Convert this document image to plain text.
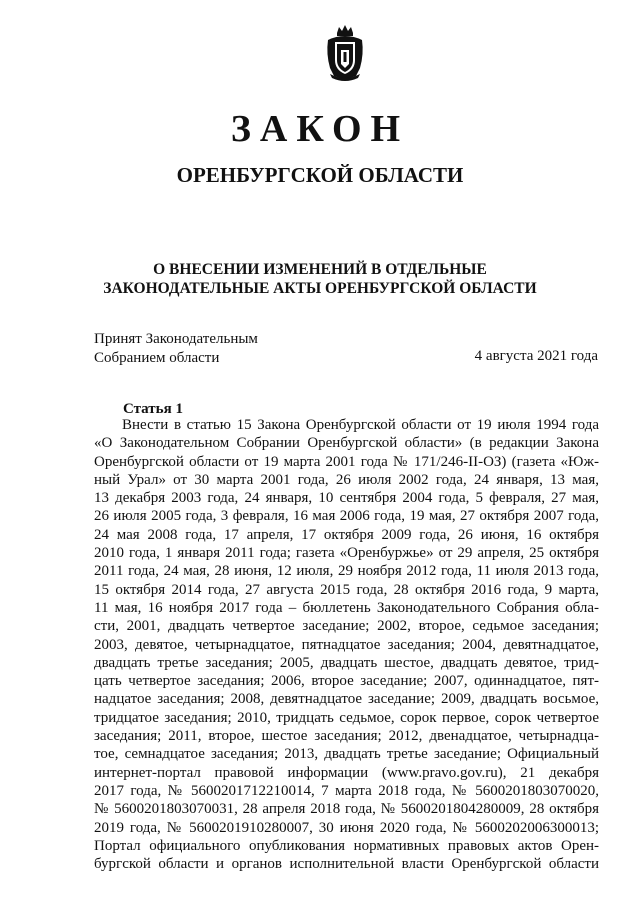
ЗАКОН
ОРЕНБУРГСКОЙ ОБЛАСТИ
О ВНЕСЕНИИ ИЗМЕНЕНИЙ В ОТДЕЛЬНЫЕ
ЗАКОНОДАТЕЛЬНЫЕ АКТЫ ОРЕНБУРГСКОЙ ОБЛАСТИ
Принят Законодательным
Собранием области	4 августа 2021 года
Статья 1
Внести в статью 15 Закона Оренбургской области от 19 июля 1994 года
«О Законодательном Собрании Оренбургской области» (в редакции Закона
Оренбургской области от 19 марта 2001 года № 171/246-II-ОЗ) (газета «Юж-
ный Урал» от 30 марта 2001 года, 26 июля 2002 года, 24 января, 13 мая,
13 декабря 2003 года, 24 января, 10 сентября 2004 года, 5 февраля, 27 мая,
26 июля 2005 года, 3 февраля, 16 мая 2006 года, 19 мая, 27 октября 2007 года,
24 мая 2008 года, 17 апреля, 17 октября 2009 года, 26 июня, 16 октября
2010 года, 1 января 2011 года; газета «Оренбуржье» от 29 апреля, 25 октября
2011 года, 24 мая, 28 июня, 12 июля, 29 ноября 2012 года, 11 июля 2013 года,
15 октября 2014 года, 27 августа 2015 года, 28 октября 2016 года, 9 марта,
11 мая, 16 ноября 2017 года – бюллетень Законодательного Собрания обла-
сти, 2001, двадцать четвертое заседание; 2002, второе, седьмое заседания;
2003, девятое, четырнадцатое, пятнадцатое заседания; 2004, девятнадцатое,
двадцать третье заседания; 2005, двадцать шестое, двадцать девятое, трид-
цать четвертое заседания; 2006, второе заседание; 2007, одиннадцатое, пят-
надцатое заседания; 2008, девятнадцатое заседание; 2009, двадцать восьмое,
тридцатое заседания; 2010, тридцать седьмое, сорок первое, сорок четвертое
заседания; 2011, второе, шестое заседания; 2012, двенадцатое, четырнадца-
тое, семнадцатое заседания; 2013, двадцать третье заседание; Официальный
интернет-портал правовой информации (www.pravo.gov.ru), 21 декабря
2017 года, № 5600201712210014, 7 марта 2018 года, № 5600201803070020,
№ 5600201803070031, 28 апреля 2018 года, № 5600201804280009, 28 октября
2019 года, № 5600201910280007, 30 июня 2020 года, № 5600202006300013;
Портал официального опубликования нормативных правовых актов Орен-
бургской области и органов исполнительной власти Оренбургской области
